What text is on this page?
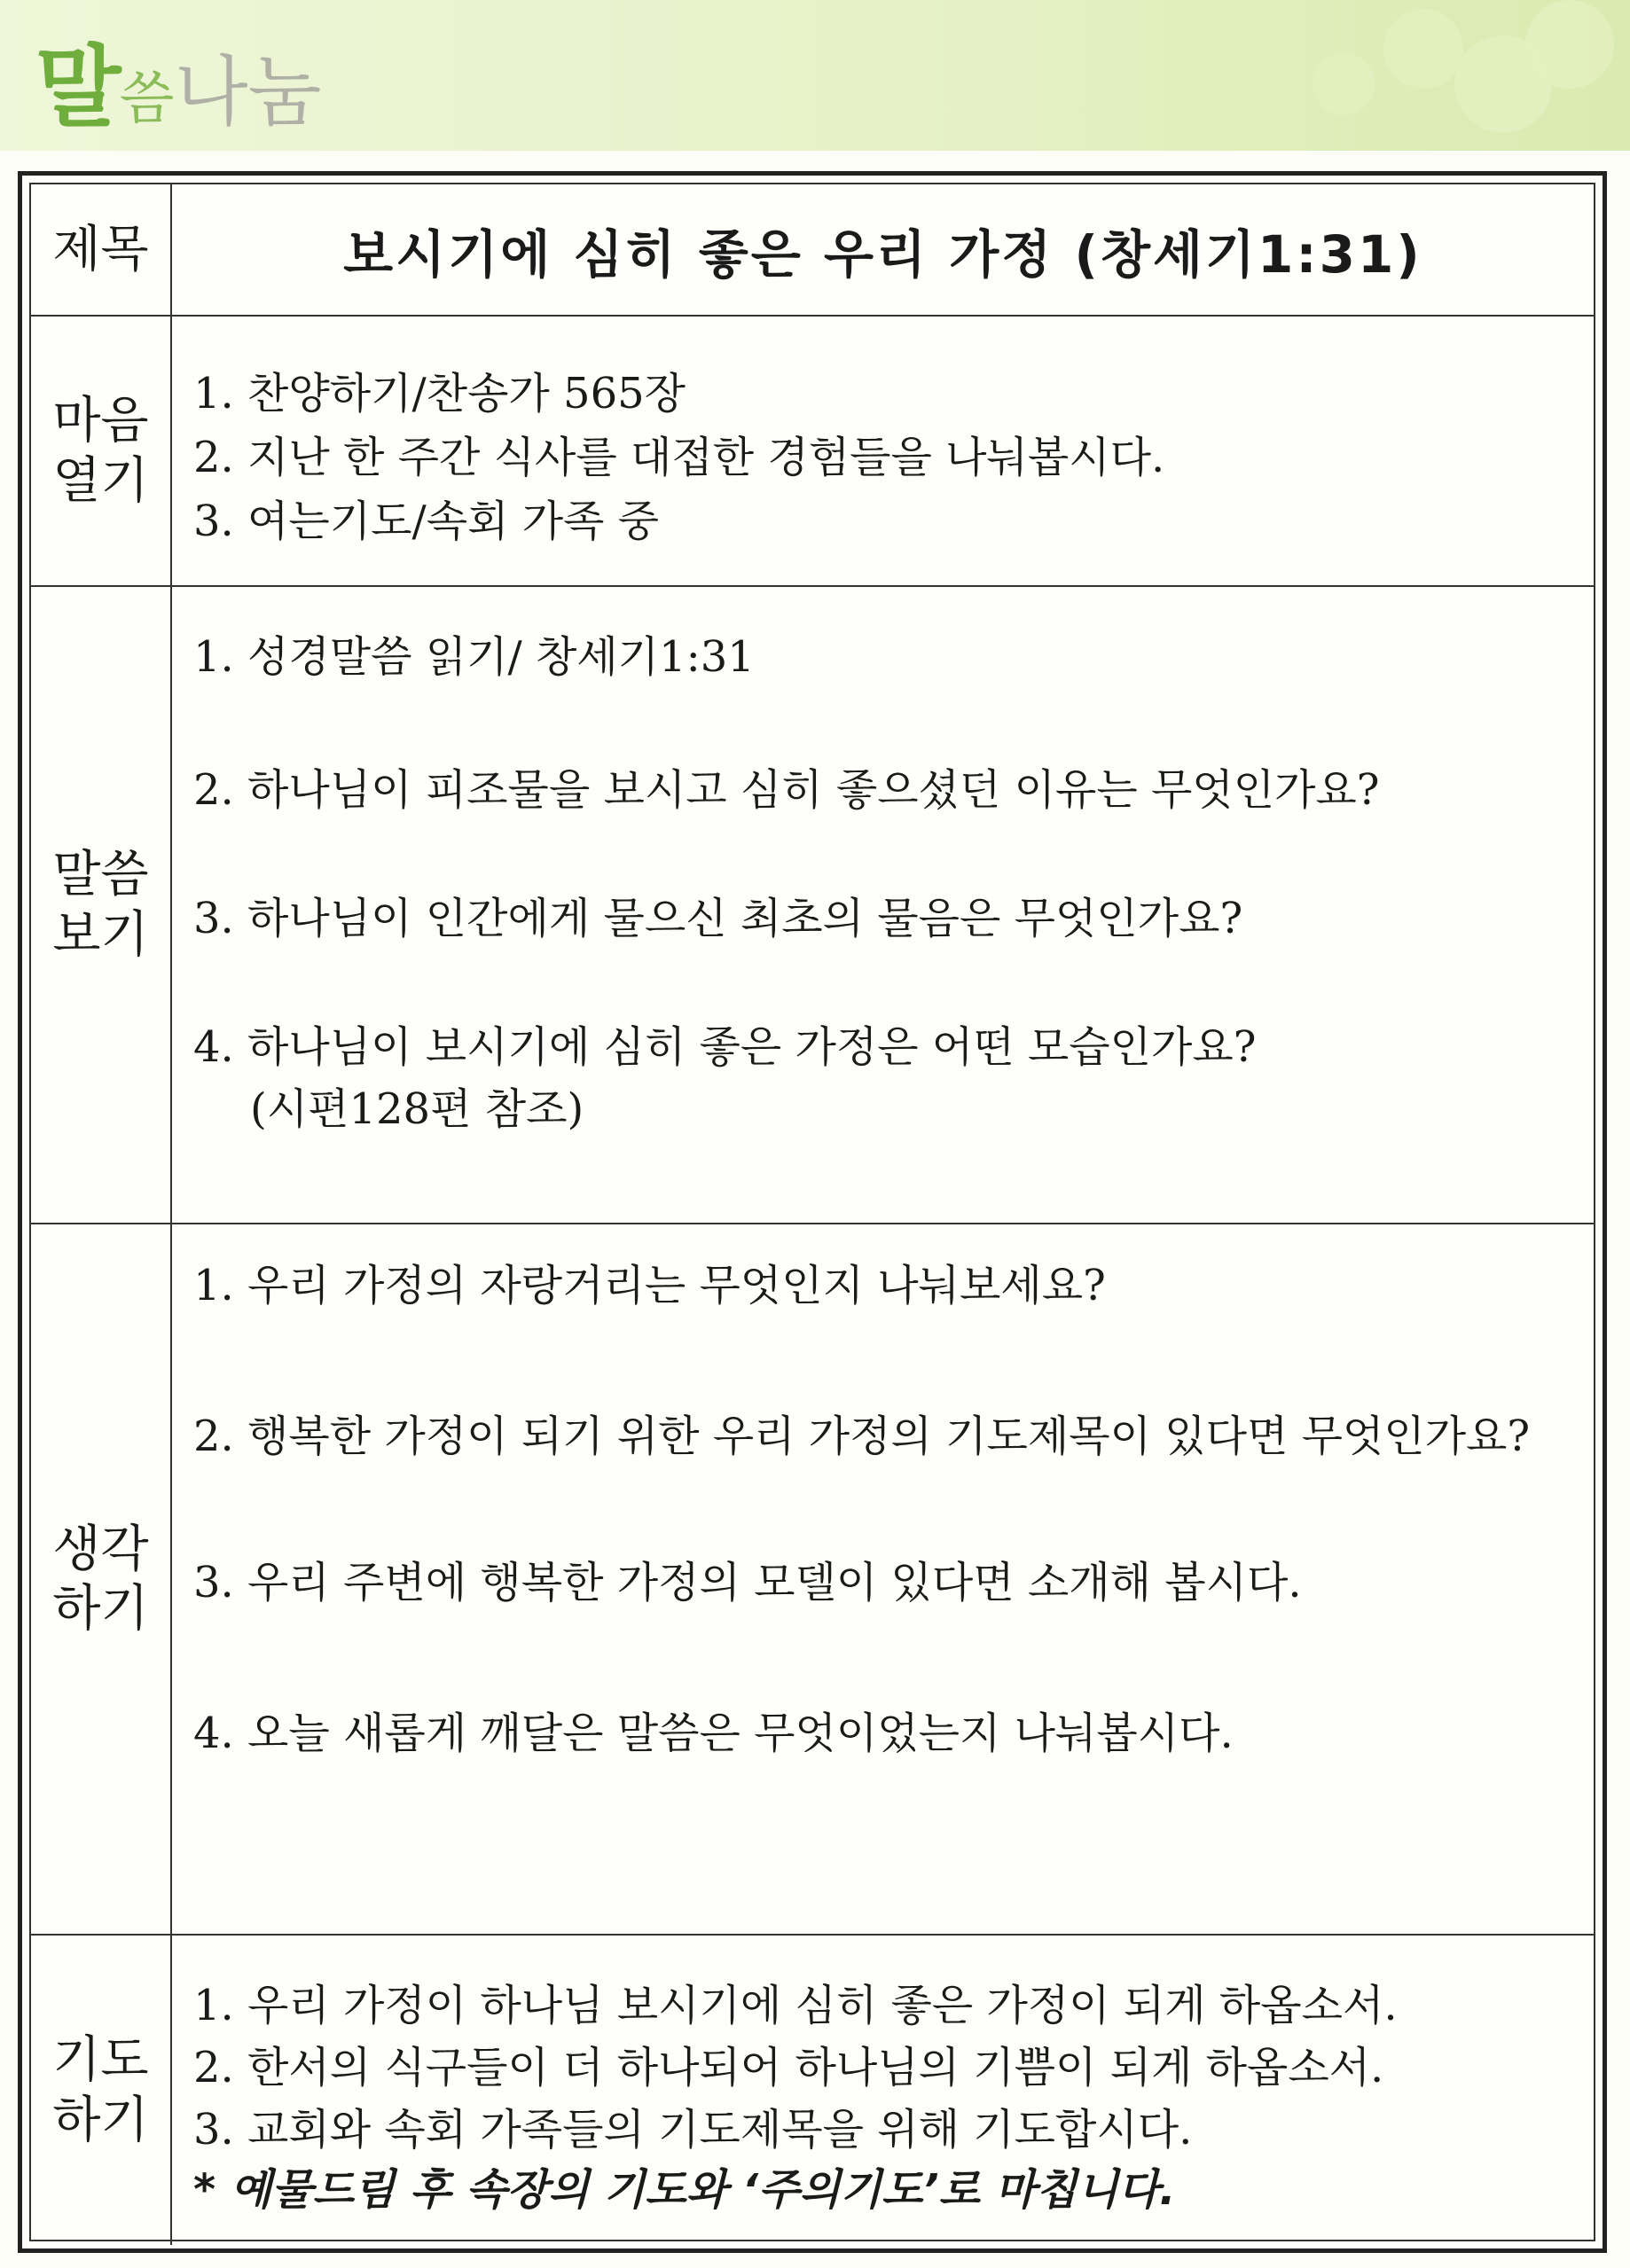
말 씀 나눔
제목	보시기에 심히 좋은 우리 가정 (창세기1:31)
마음
열기
1. 찬양하기/찬송가 565장
2. 지난 한 주간 식사를 대접한 경험들을 나눠봅시다.
3. 여는기도/속회 가족 중
말씀
보기
1. 성경말씀 읽기/ 창세기1:31
2. 하나님이 피조물을 보시고 심히 좋으셨던 이유는 무엇인가요?
3. 하나님이 인간에게 물으신 최초의 물음은 무엇인가요?
4. 하나님이 보시기에 심히 좋은 가정은 어떤 모습인가요?
(시편128편 참조)
생각
하기
1. 우리 가정의 자랑거리는 무엇인지 나눠보세요?
2. 행복한 가정이 되기 위한 우리 가정의 기도제목이 있다면 무엇인가요?
3. 우리 주변에 행복한 가정의 모델이 있다면 소개해 봅시다.
4. 오늘 새롭게 깨달은 말씀은 무엇이었는지 나눠봅시다.
기도
하기
1. 우리 가정이 하나님 보시기에 심히 좋은 가정이 되게 하옵소서.
2. 한서의 식구들이 더 하나되어 하나님의 기쁨이 되게 하옵소서.
3. 교회와 속회 가족들의 기도제목을 위해 기도합시다.
* 예물드림 후 속장의 기도와 ‘주의기도’로 마칩니다.
